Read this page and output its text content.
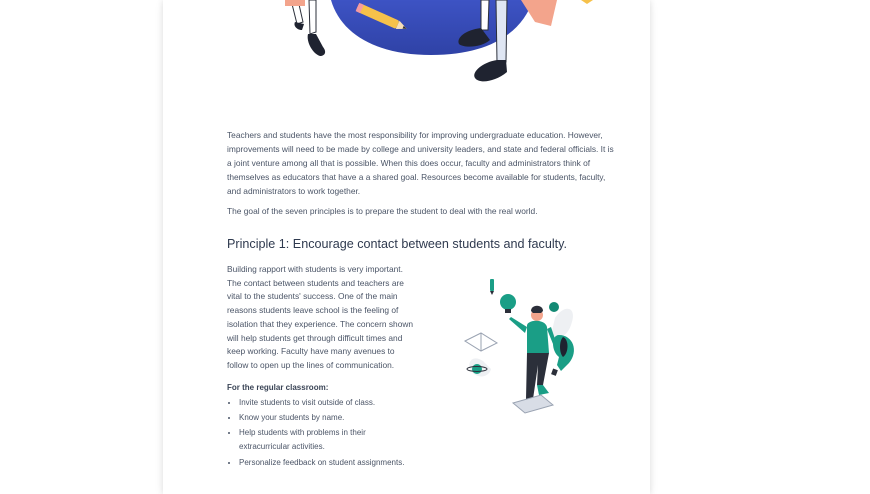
Teachers and students have the most responsibility for improving undergraduate education. However, improvements will need to be made by college and university leaders, and state and federal officials. It is a joint venture among all that is possible. When this does occur, faculty and administrators think of themselves as educators that have a a shared goal. Resources become available for students, faculty, and administrators to work together.

The goal of the seven principles is to prepare the student to deal with the real world.

Principle 1: Encourage contact between students and faculty.

Building rapport with students is very important. The contact between students and teachers are vital to the students' success. One of the main reasons students leave school is the feeling of isolation that they experience. The concern shown will help students get through difficult times and keep working. Faculty have many avenues to follow to open up the lines of communication.

For the regular classroom:

• Invite students to visit outside of class.
• Know your students by name.
• Help students with problems in their extracurricular activities.
• Personalize feedback on student assignments.
